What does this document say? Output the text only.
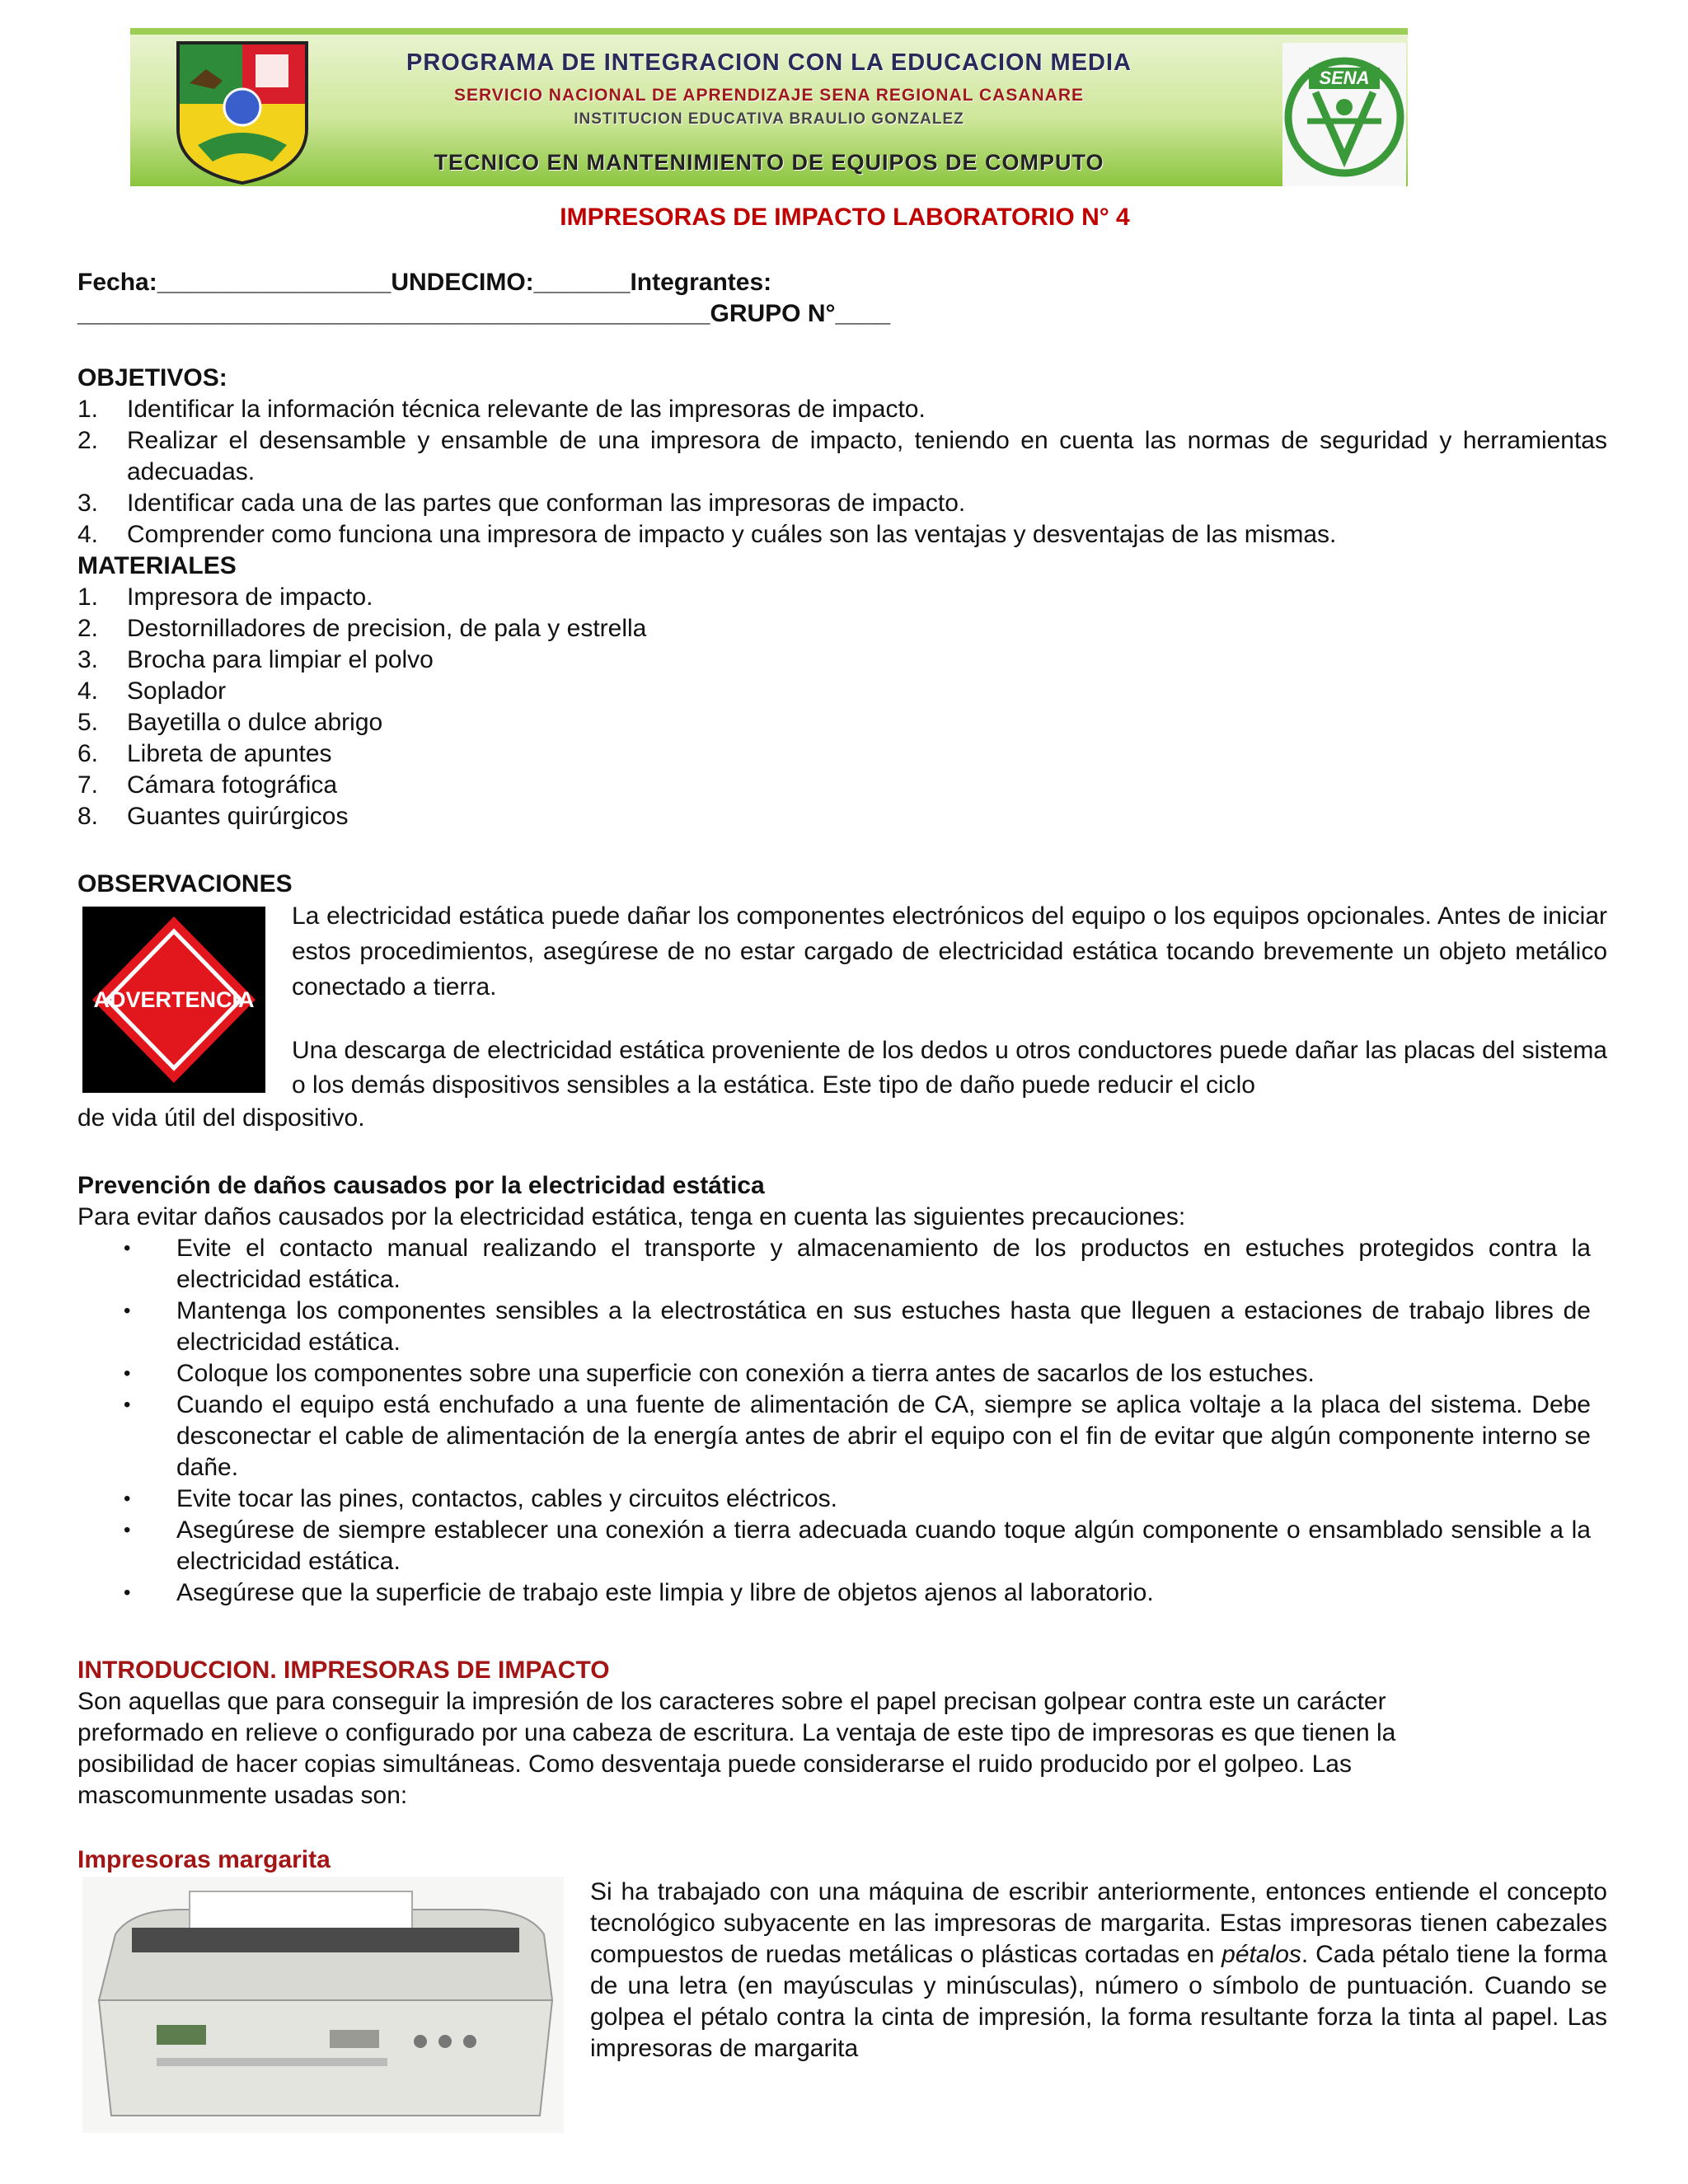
PROGRAMA DE INTEGRACION CON LA EDUCACION MEDIA
SERVICIO NACIONAL DE APRENDIZAJE SENA REGIONAL CASANARE
INSTITUCION EDUCATIVA BRAULIO GONZALEZ
TECNICO EN MANTENIMIENTO DE EQUIPOS DE COMPUTO
SENA
IMPRESORAS DE IMPACTO LABORATORIO N° 4
Fecha:_________________UNDECIMO:_______Integrantes:
______________________________________________GRUPO N°____
OBJETIVOS:
1. Identificar la información técnica relevante de las impresoras de impacto.
2. Realizar el desensamble y ensamble de una impresora de impacto, teniendo en cuenta las normas de seguridad y herramientas adecuadas.
3. Identificar cada una de las partes que conforman las impresoras de impacto.
4. Comprender como funciona una impresora de impacto y cuáles son las ventajas y desventajas de las mismas.
MATERIALES
1. Impresora de impacto.
2. Destornilladores de precision, de pala y estrella
3. Brocha para limpiar el polvo
4. Soplador
5. Bayetilla o dulce abrigo
6. Libreta de apuntes
7. Cámara fotográfica
8. Guantes quirúrgicos
OBSERVACIONES
ADVERTENCIA
La electricidad estática puede dañar los componentes electrónicos del equipo o los equipos opcionales. Antes de iniciar estos procedimientos, asegúrese de no estar cargado de electricidad estática tocando brevemente un objeto metálico conectado a tierra.
Una descarga de electricidad estática proveniente de los dedos u otros conductores puede dañar las placas del sistema o los demás dispositivos sensibles a la estática. Este tipo de daño puede reducir el ciclo
de vida útil del dispositivo.
Prevención de daños causados por la electricidad estática
Para evitar daños causados por la electricidad estática, tenga en cuenta las siguientes precauciones:
• Evite el contacto manual realizando el transporte y almacenamiento de los productos en estuches protegidos contra la electricidad estática.
• Mantenga los componentes sensibles a la electrostática en sus estuches hasta que lleguen a estaciones de trabajo libres de electricidad estática.
• Coloque los componentes sobre una superficie con conexión a tierra antes de sacarlos de los estuches.
• Cuando el equipo está enchufado a una fuente de alimentación de CA, siempre se aplica voltaje a la placa del sistema. Debe desconectar el cable de alimentación de la energía antes de abrir el equipo con el fin de evitar que algún componente interno se dañe.
• Evite tocar las pines, contactos, cables y circuitos eléctricos.
• Asegúrese de siempre establecer una conexión a tierra adecuada cuando toque algún componente o ensamblado sensible a la electricidad estática.
• Asegúrese que la superficie de trabajo este limpia y libre de objetos ajenos al laboratorio.
INTRODUCCION. IMPRESORAS DE IMPACTO
Son aquellas que para conseguir la impresión de los caracteres sobre el papel precisan golpear contra este un carácter
preformado en relieve o configurado por una cabeza de escritura. La ventaja de este tipo de impresoras es que tienen la
posibilidad de hacer copias simultáneas. Como desventaja puede considerarse el ruido producido por el golpeo. Las
mascomunmente usadas son:
Impresoras margarita
Si ha trabajado con una máquina de escribir anteriormente, entonces entiende el concepto tecnológico subyacente en las impresoras de margarita. Estas impresoras tienen cabezales compuestos de ruedas metálicas o plásticas cortadas en pétalos. Cada pétalo tiene la forma de una letra (en mayúsculas y minúsculas), número o símbolo de puntuación. Cuando se golpea el pétalo contra la cinta de impresión, la forma resultante forza la tinta al papel. Las impresoras de margarita
